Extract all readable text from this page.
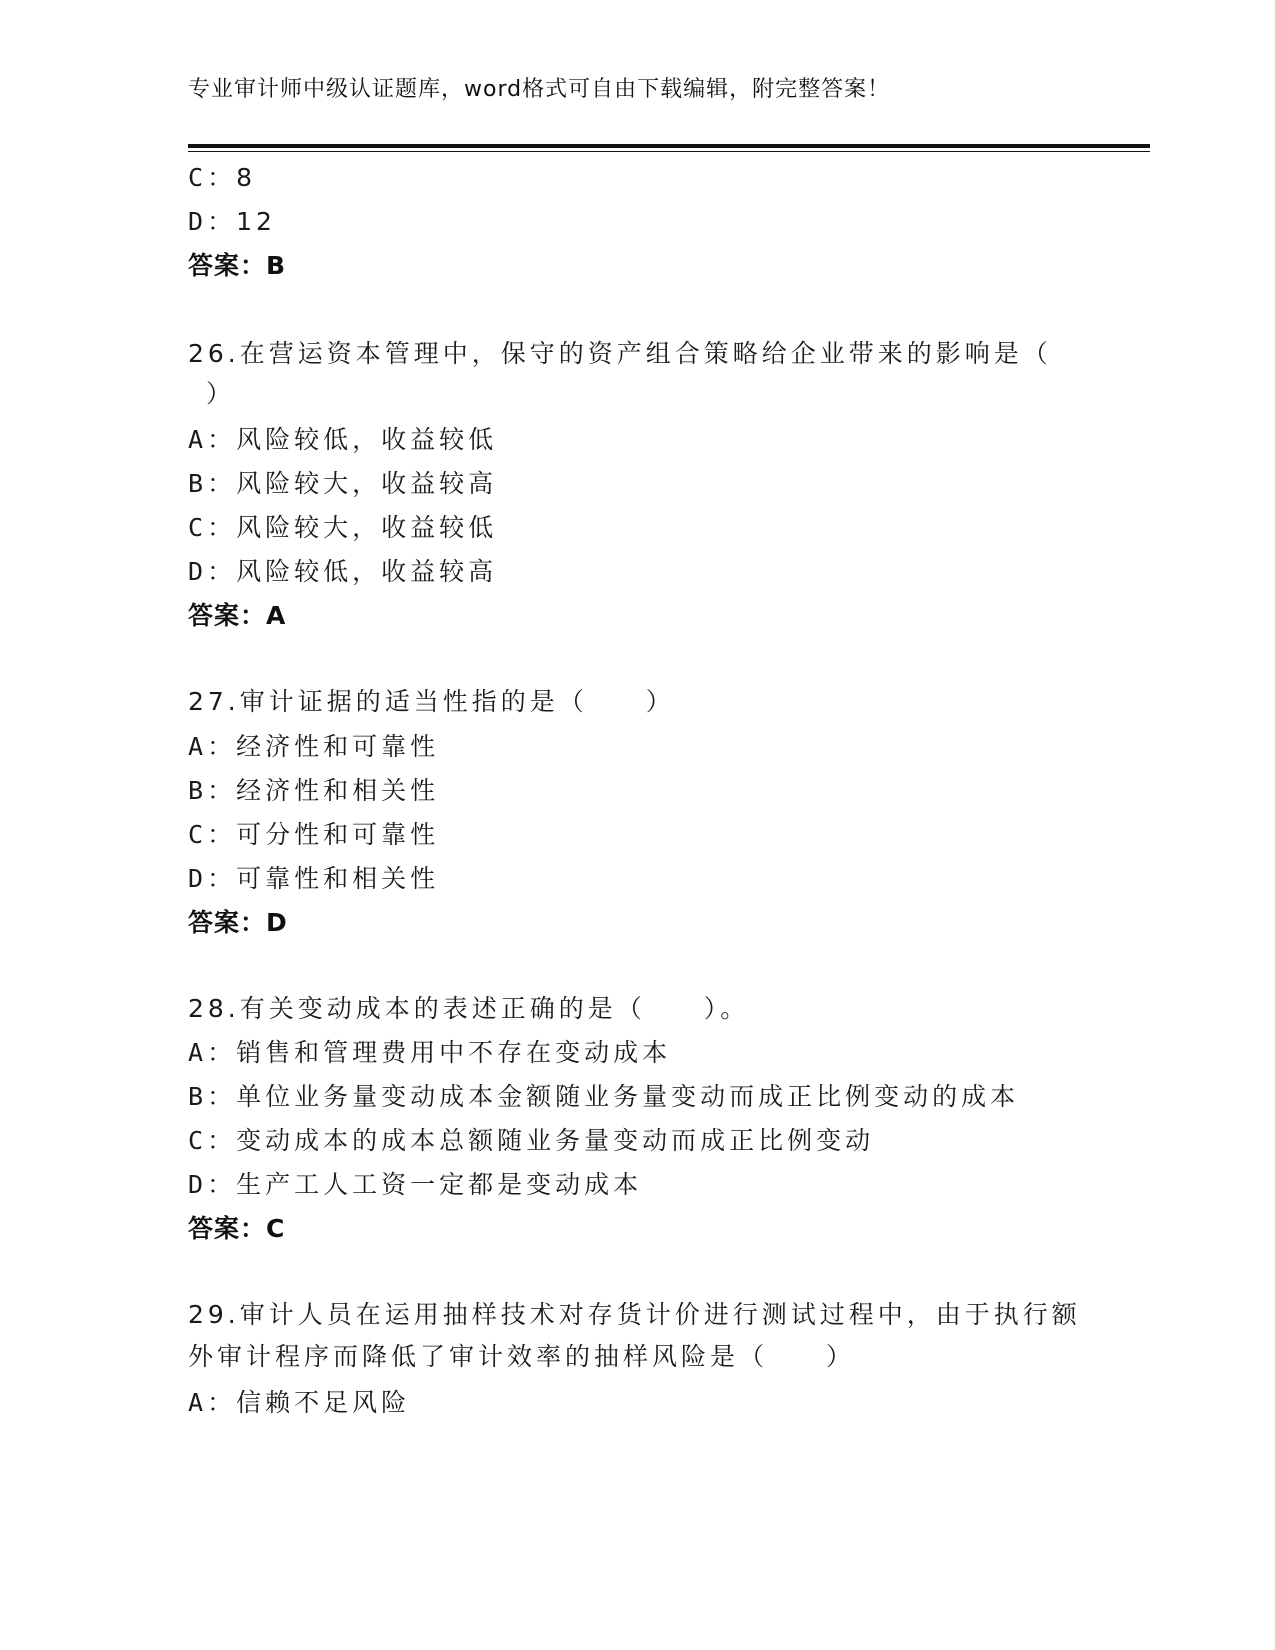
专业审计师中级认证题库，word格式可自由下载编辑，附完整答案！
C：8
D：12
答案：B
26.在营运资本管理中，保守的资产组合策略给企业带来的影响是（
）
A：风险较低，收益较低
B：风险较大，收益较高
C：风险较大，收益较低
D：风险较低，收益较高
答案：A
27.审计证据的适当性指的是（　　）
A：经济性和可靠性
B：经济性和相关性
C：可分性和可靠性
D：可靠性和相关性
答案：D
28.有关变动成本的表述正确的是（　　）。
A：销售和管理费用中不存在变动成本
B：单位业务量变动成本金额随业务量变动而成正比例变动的成本
C：变动成本的成本总额随业务量变动而成正比例变动
D：生产工人工资一定都是变动成本
答案：C
29.审计人员在运用抽样技术对存货计价进行测试过程中，由于执行额
外审计程序而降低了审计效率的抽样风险是（　　）
A：信赖不足风险
